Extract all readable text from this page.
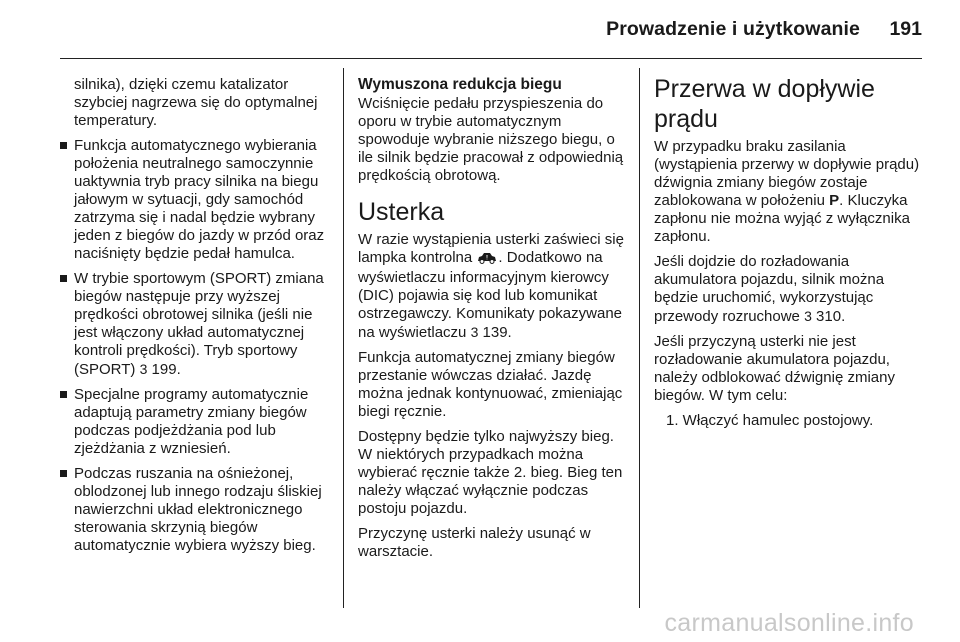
Prowadzenie i użytkowanie 191

silnika), dzięki czemu katalizator szybciej nagrzewa się do optymalnej temperatury.

Funkcja automatycznego wybierania położenia neutralnego samoczynnie uaktywnia tryb pracy silnika na biegu jałowym w sytuacji, gdy samochód zatrzyma się i nadal będzie wybrany jeden z biegów do jazdy w przód oraz naciśnięty będzie pedał hamulca.
W trybie sportowym (SPORT) zmiana biegów następuje przy wyższej prędkości obrotowej silnika (jeśli nie jest włączony układ automatycznej kontroli prędkości). Tryb sportowy (SPORT) 3 199.
Specjalne programy automatycznie adaptują parametry zmiany biegów podczas podjeżdżania pod lub zjeżdżania z wzniesień.
Podczas ruszania na ośnieżonej, oblodzonej lub innego rodzaju śliskiej nawierzchni układ elektronicznego sterowania skrzynią biegów automatycznie wybiera wyższy bieg.
Wymuszona redukcja biegu

Wciśnięcie pedału przyspieszenia do oporu w trybie automatycznym spowoduje wybranie niższego biegu, o ile silnik będzie pracował z odpowiednią prędkością obrotową.

Usterka

W razie wystąpienia usterki zaświeci się lampka kontrolna . Dodatkowo na wyświetlaczu informacyjnym kierowcy (DIC) pojawia się kod lub komunikat ostrzegawczy. Komunikaty pokazywane na wyświetlaczu 3 139.

Funkcja automatycznej zmiany biegów przestanie wówczas działać. Jazdę można jednak kontynuować, zmieniając biegi ręcznie.

Dostępny będzie tylko najwyższy bieg. W niektórych przypadkach można wybierać ręcznie także 2. bieg. Bieg ten należy włączać wyłącznie podczas postoju pojazdu.

Przyczynę usterki należy usunąć w warsztacie.

Przerwa w dopływie prądu

W przypadku braku zasilania (wystąpienia przerwy w dopływie prądu) dźwignia zmiany biegów zostaje zablokowana w położeniu P. Kluczyka zapłonu nie można wyjąć z wyłącznika zapłonu.

Jeśli dojdzie do rozładowania akumulatora pojazdu, silnik można będzie uruchomić, wykorzystując przewody rozruchowe 3 310.

Jeśli przyczyną usterki nie jest rozładowanie akumulatora pojazdu, należy odblokować dźwignię zmiany biegów. W tym celu:

1. Włączyć hamulec postojowy.

carmanualsonline.info
